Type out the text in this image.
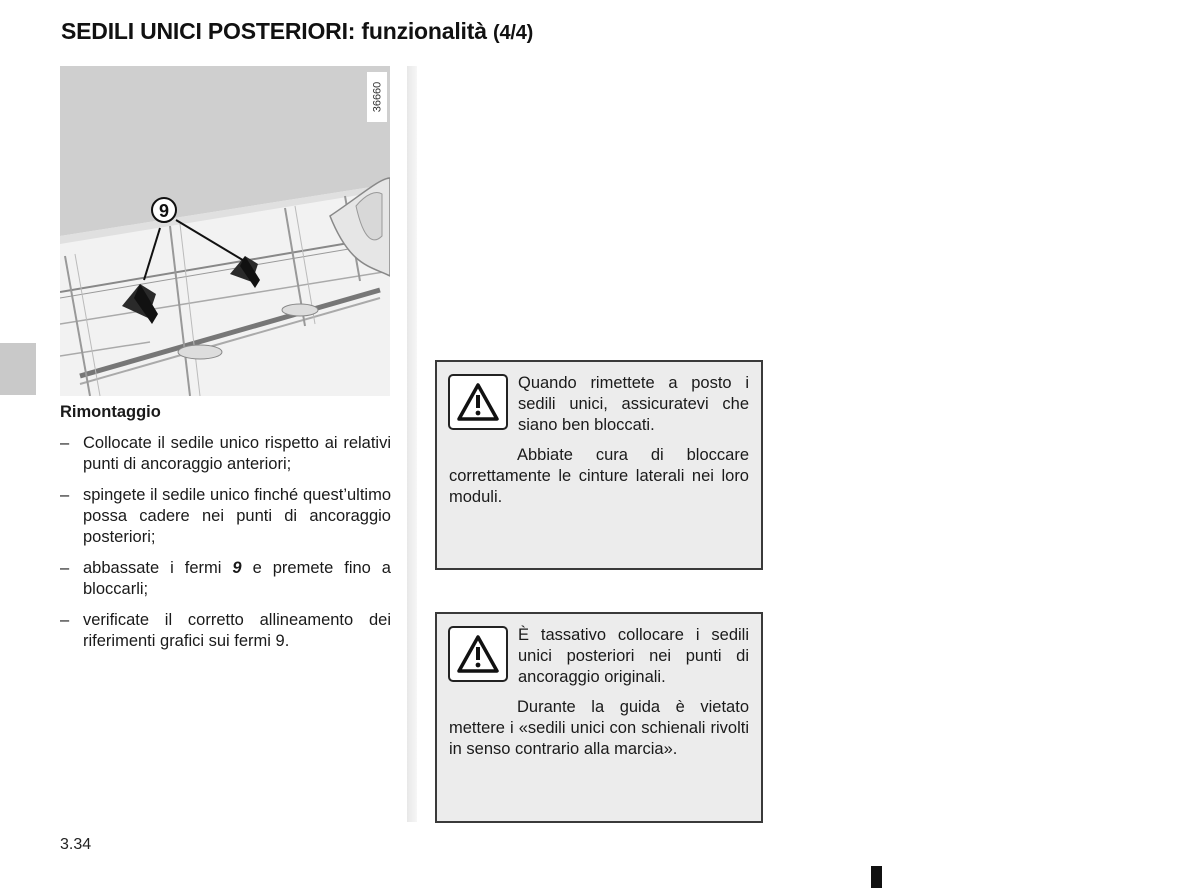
SEDILI UNICI POSTERIORI: funzionalità (4/4)
9
36660
Rimontaggio
– Collocate il sedile unico rispetto ai relativi punti di ancoraggio anteriori;
– spingete il sedile unico finché quest’ultimo possa cadere nei punti di ancoraggio posteriori;
– abbassate i fermi 9 e premete fino a bloccarli;
– verificate il corretto allineamento dei riferimenti grafici sui fermi 9.

Quando rimettete a posto i sedili unici, assicuratevi che siano ben bloccati.

Abbiate cura di bloccare correttamente le cinture laterali nei loro moduli.

È tassativo collocare i sedili unici posteriori nei punti di ancoraggio originali.

Durante la guida è vietato mettere i «sedili unici con schienali rivolti in senso contrario alla marcia».

3.34
